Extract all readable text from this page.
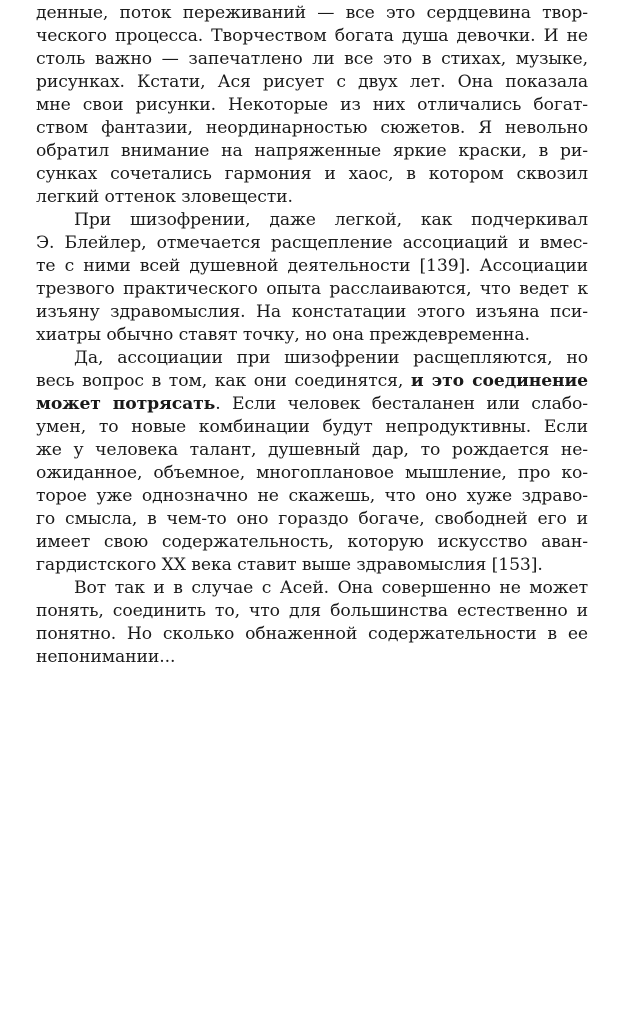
денные, поток переживаний — все это сердцевина твор-
ческого процесса. Творчеством богата душа девочки. И не
столь важно — запечатлено ли все это в стихах, музыке,
рисунках. Кстати, Ася рисует с двух лет. Она показала
мне свои рисунки. Некоторые из них отличались богат-
ством фантазии, неординарностью сюжетов. Я невольно
обратил внимание на напряженные яркие краски, в ри-
сунках сочетались гармония и хаос, в котором сквозил
легкий оттенок зловещести.
При шизофрении, даже легкой, как подчеркивал
Э. Блейлер, отмечается расщепление ассоциаций и вмес-
те с ними всей душевной деятельности [139]. Ассоциации
трезвого практического опыта расслаиваются, что ведет к
изъяну здравомыслия. На констатации этого изъяна пси-
хиатры обычно ставят точку, но она преждевременна.
Да, ассоциации при шизофрении расщепляются, но
весь вопрос в том, как они соединятся, и это соединение
может потрясать. Если человек бесталанен или слабо-
умен, то новые комбинации будут непродуктивны. Если
же у человека талант, душевный дар, то рождается не-
ожиданное, объемное, многоплановое мышление, про ко-
торое уже однозначно не скажешь, что оно хуже здраво-
го смысла, в чем-то оно гораздо богаче, свободней его и
имеет свою содержательность, которую искусство аван-
гардистского XX века ставит выше здравомыслия [153].
Вот так и в случае с Асей. Она совершенно не может
понять, соединить то, что для большинства естественно и
понятно. Но сколько обнаженной содержательности в ее
непонимании...
